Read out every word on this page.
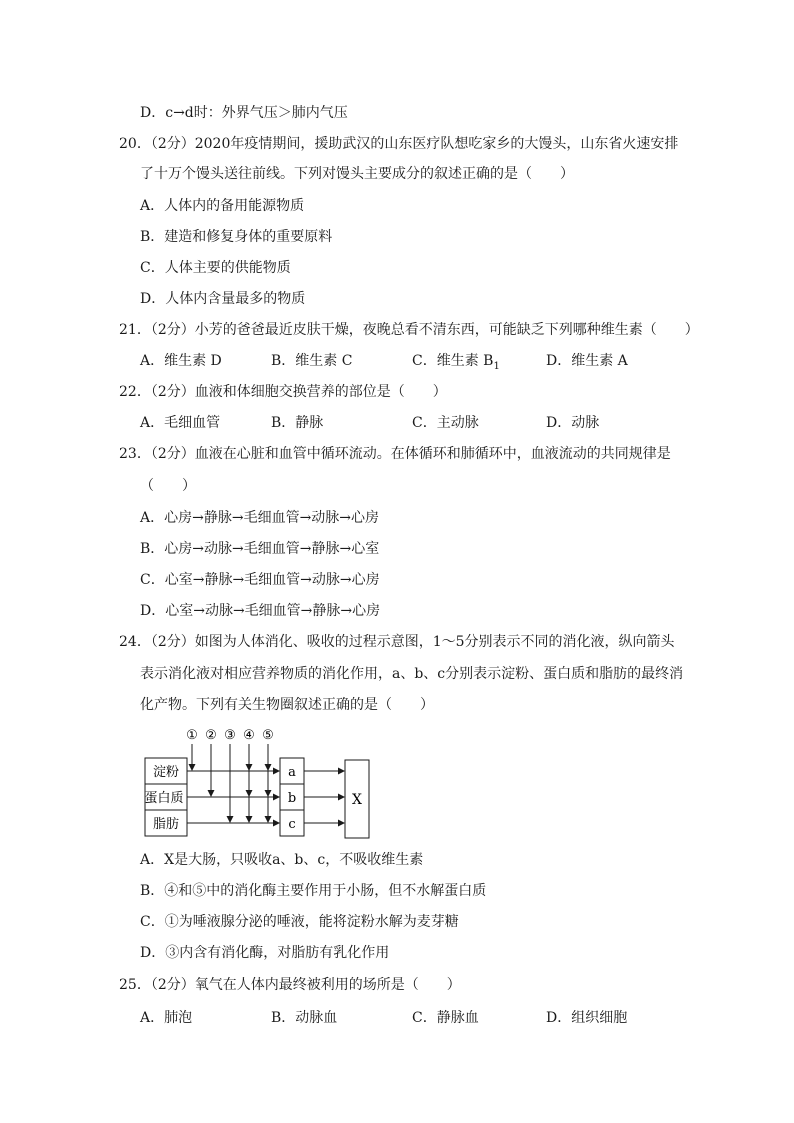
D．c→d时：外界气压＞肺内气压
20．（2分）2020年疫情期间，援助武汉的山东医疗队想吃家乡的大馒头，山东省火速安排
了十万个馒头送往前线。下列对馒头主要成分的叙述正确的是（　　）
A．人体内的备用能源物质
B．建造和修复身体的重要原料
C．人体主要的供能物质
D．人体内含量最多的物质
21．（2分）小芳的爸爸最近皮肤干燥，夜晚总看不清东西，可能缺乏下列哪种维生素（　　）
A．维生素 D	B．维生素 C	C．维生素 $B_1$	D．维生素 A
22．（2分）血液和体细胞交换营养的部位是（　　）
A．毛细血管	B．静脉	C．主动脉	D．动脉
23．（2分）血液在心脏和血管中循环流动。在体循环和肺循环中，血液流动的共同规律是
（　　）
A．心房→静脉→毛细血管→动脉→心房
B．心房→动脉→毛细血管→静脉→心室
C．心室→静脉→毛细血管→动脉→心房
D．心室→动脉→毛细血管→静脉→心房
24．（2分）如图为人体消化、吸收的过程示意图，1～5分别表示不同的消化液，纵向箭头
表示消化液对相应营养物质的消化作用，a、b、c分别表示淀粉、蛋白质和脂肪的最终消
化产物。下列有关生物圈叙述正确的是（　　）
① ② ③ ④ ⑤
淀粉
蛋白质
脂肪
a
b
c
X
A．X是大肠，只吸收a、b、c，不吸收维生素
B．④和⑤中的消化酶主要作用于小肠，但不水解蛋白质
C．①为唾液腺分泌的唾液，能将淀粉水解为麦芽糖
D．③内含有消化酶，对脂肪有乳化作用
25．（2分）氧气在人体内最终被利用的场所是（　　）
A．肺泡	B．动脉血	C．静脉血	D．组织细胞
